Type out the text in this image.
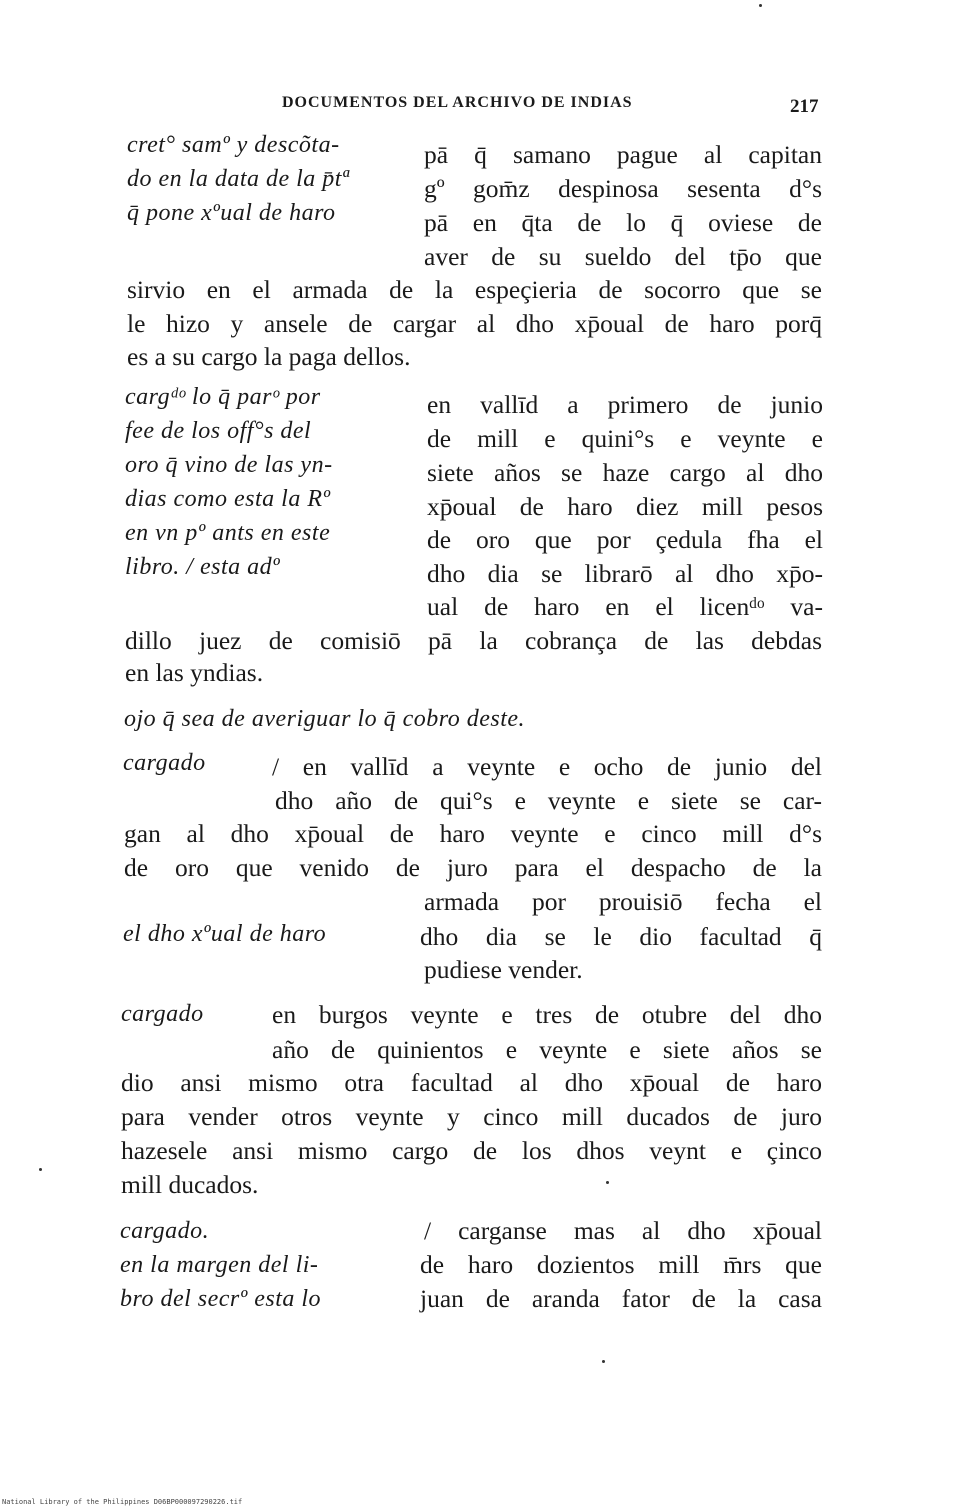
DOCUMENTOS DEL ARCHIVO DE INDIAS	217
cret° samº y descõta-
do en la data de la p̄tª
q̄ pone xºual de haro
pā q̄ samano pague al capitan
gº gom̄z despinosa sesenta d°s
pā en q̄ta de lo q̄ oviese de
aver de su sueldo del tp̄o que
sirvio en el armada de la espeçieria de socorro que se
le hizo y ansele de cargar al dho xp̄oual de haro porq̄
es a su cargo la paga dellos.
cargᵈᵒ lo q̄ parᵒ por
fee de los off°s del
oro q̄ vino de las yn-
dias como esta la Rº
en vn pº ants en este
libro. / esta adº
en vallīd a primero de junio
de mill e quini°s e veynte e
siete años se haze cargo al dho
xp̄oual de haro diez mill pesos
de oro que por çedula fha el
dho dia se librarō al dho xp̄o-
ual de haro en el licenᵈᵒ va-
dillo juez de comisiō pā la cobrança de las debdas
en las yndias.
ojo q̄ sea de averiguar lo q̄ cobro deste.
cargado	/ en vallīd a veynte e ocho de junio del
dho año de qui°s e veynte e siete se car-
gan al dho xp̄oual de haro veynte e cinco mill d°s
de oro que venido de juro para el despacho de la
armada por prouisiō fecha el
el dho xºual de haro	dho dia se le dio facultad q̄
pudiese vender.
cargado	en burgos veynte e tres de otubre del dho
año de quinientos e veynte e siete años se
dio ansi mismo otra facultad al dho xp̄oual de haro
para vender otros veynte y cinco mill ducados de juro
hazesele ansi mismo cargo de los dhos veynt e çinco
mill ducados.
cargado.
en la margen del li-
bro del secrº esta lo
/ carganse mas al dho xp̄oual
de haro dozientos mill m̄rs que
juan de aranda fator de la casa
National Library of the Philippines D06BP000097290226.tif
